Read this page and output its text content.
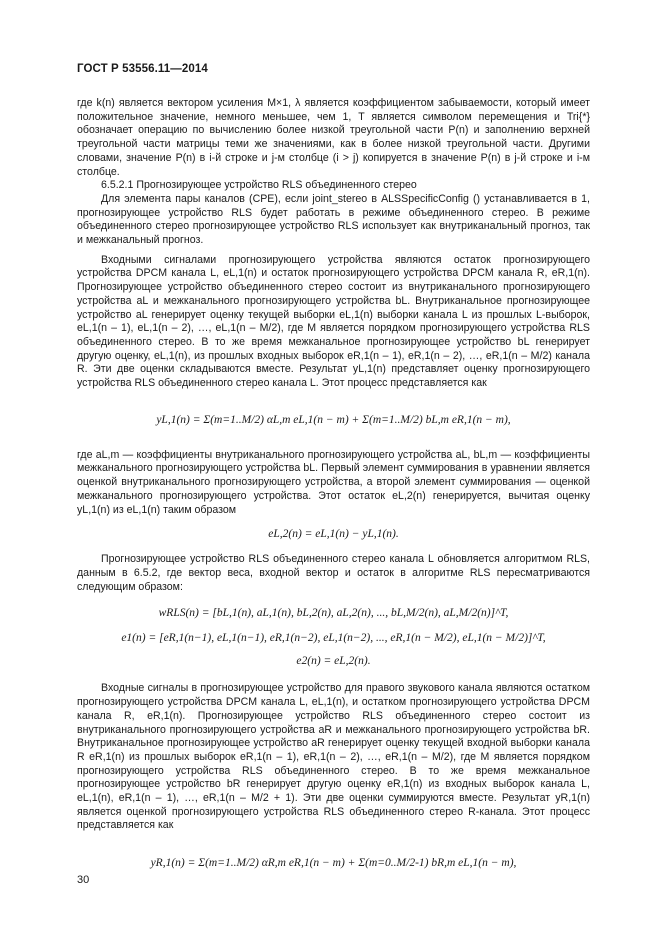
ГОСТ Р 53556.11—2014

где k(n) является вектором усиления M×1, λ является коэффициентом забываемости, который имеет положительное значение, немного меньшее, чем 1, T является символом перемещения и Tri{*} обозначает операцию по вычислению более низкой треугольной части P(n) и заполнению верхней треугольной части матрицы теми же значениями, как в более низкой треугольной части. Другими словами, значение P(n) в i-й строке и j-м столбце (i > j) копируется в значение P(n) в j-й строке и i-м столбце.

6.5.2.1 Прогнозирующее устройство RLS объединенного стерео

Для элемента пары каналов (CPE), если joint_stereo в ALSSpecificConfig () устанавливается в 1, прогнозирующее устройство RLS будет работать в режиме объединенного стерео. В режиме объединенного стерео прогнозирующее устройство RLS использует как внутриканальный прогноз, так и межканальный прогноз.

Входными сигналами прогнозирующего устройства являются остаток прогнозирующего устройства DPCM канала L, eL,1(n) и остаток прогнозирующего устройства DPCM канала R, eR,1(n). Прогнозирующее устройство объединенного стерео состоит из внутриканального прогнозирующего устройства aL и межканального прогнозирующего устройства bL. Внутриканальное прогнозирующее устройство aL генерирует оценку текущей выборки eL,1(n) выборки канала L из прошлых L-выборок, eL,1(n – 1), eL,1(n – 2), …, eL,1(n – M/2), где M является порядком прогнозирующего устройства RLS объединенного стерео. В то же время межканальное прогнозирующее устройство bL генерирует другую оценку, eL,1(n), из прошлых входных выборок eR,1(n – 1), eR,1(n – 2), …, eR,1(n – M/2) канала R. Эти две оценки складываются вместе. Результат yL,1(n) представляет оценку прогнозирующего устройства RLS объединенного стерео канала L. Этот процесс представляется как

yL,1(n) = Σ(m=1..M/2) αL,m eL,1(n − m) + Σ(m=1..M/2) bL,m eR,1(n − m),

где aL,m — коэффициенты внутриканального прогнозирующего устройства aL, bL,m — коэффициенты межканального прогнозирующего устройства bL. Первый элемент суммирования в уравнении является оценкой внутриканального прогнозирующего устройства, а второй элемент суммирования — оценкой межканального прогнозирующего устройства. Этот остаток eL,2(n) генерируется, вычитая оценку yL,1(n) из eL,1(n) таким образом

eL,2(n) = eL,1(n) − yL,1(n).

Прогнозирующее устройство RLS объединенного стерео канала L обновляется алгоритмом RLS, данным в 6.5.2, где вектор веса, входной вектор и остаток в алгоритме RLS пересматриваются следующим образом:

wRLS(n) = [bL,1(n), aL,1(n), bL,2(n), aL,2(n), ..., bL,M/2(n), aL,M/2(n)]^T,
e1(n) = [eR,1(n−1), eL,1(n−1), eR,1(n−2), eL,1(n−2), ..., eR,1(n − M/2), eL,1(n − M/2)]^T,
e2(n) = eL,2(n).

Входные сигналы в прогнозирующее устройство для правого звукового канала являются остатком прогнозирующего устройства DPCM канала L, eL,1(n), и остатком прогнозирующего устройства DPCM канала R, eR,1(n). Прогнозирующее устройство RLS объединенного стерео состоит из внутриканального прогнозирующего устройства aR и межканального прогнозирующего устройства bR. Внутриканальное прогнозирующее устройство aR генерирует оценку текущей входной выборки канала R eR,1(n) из прошлых выборок eR,1(n – 1), eR,1(n – 2), …, eR,1(n – M/2), где M является порядком прогнозирующего устройства RLS объединенного стерео. В то же время межканальное прогнозирующее устройство bR генерирует другую оценку eR,1(n) из входных выборок канала L, eL,1(n), eR,1(n – 1), …, eR,1(n – M/2 + 1). Эти две оценки суммируются вместе. Результат yR,1(n) является оценкой прогнозирующего устройства RLS объединенного стерео R-канала. Этот процесс представляется как

yR,1(n) = Σ(m=1..M/2) αR,m eR,1(n − m) + Σ(m=0..M/2-1) bR,m eL,1(n − m),
30
